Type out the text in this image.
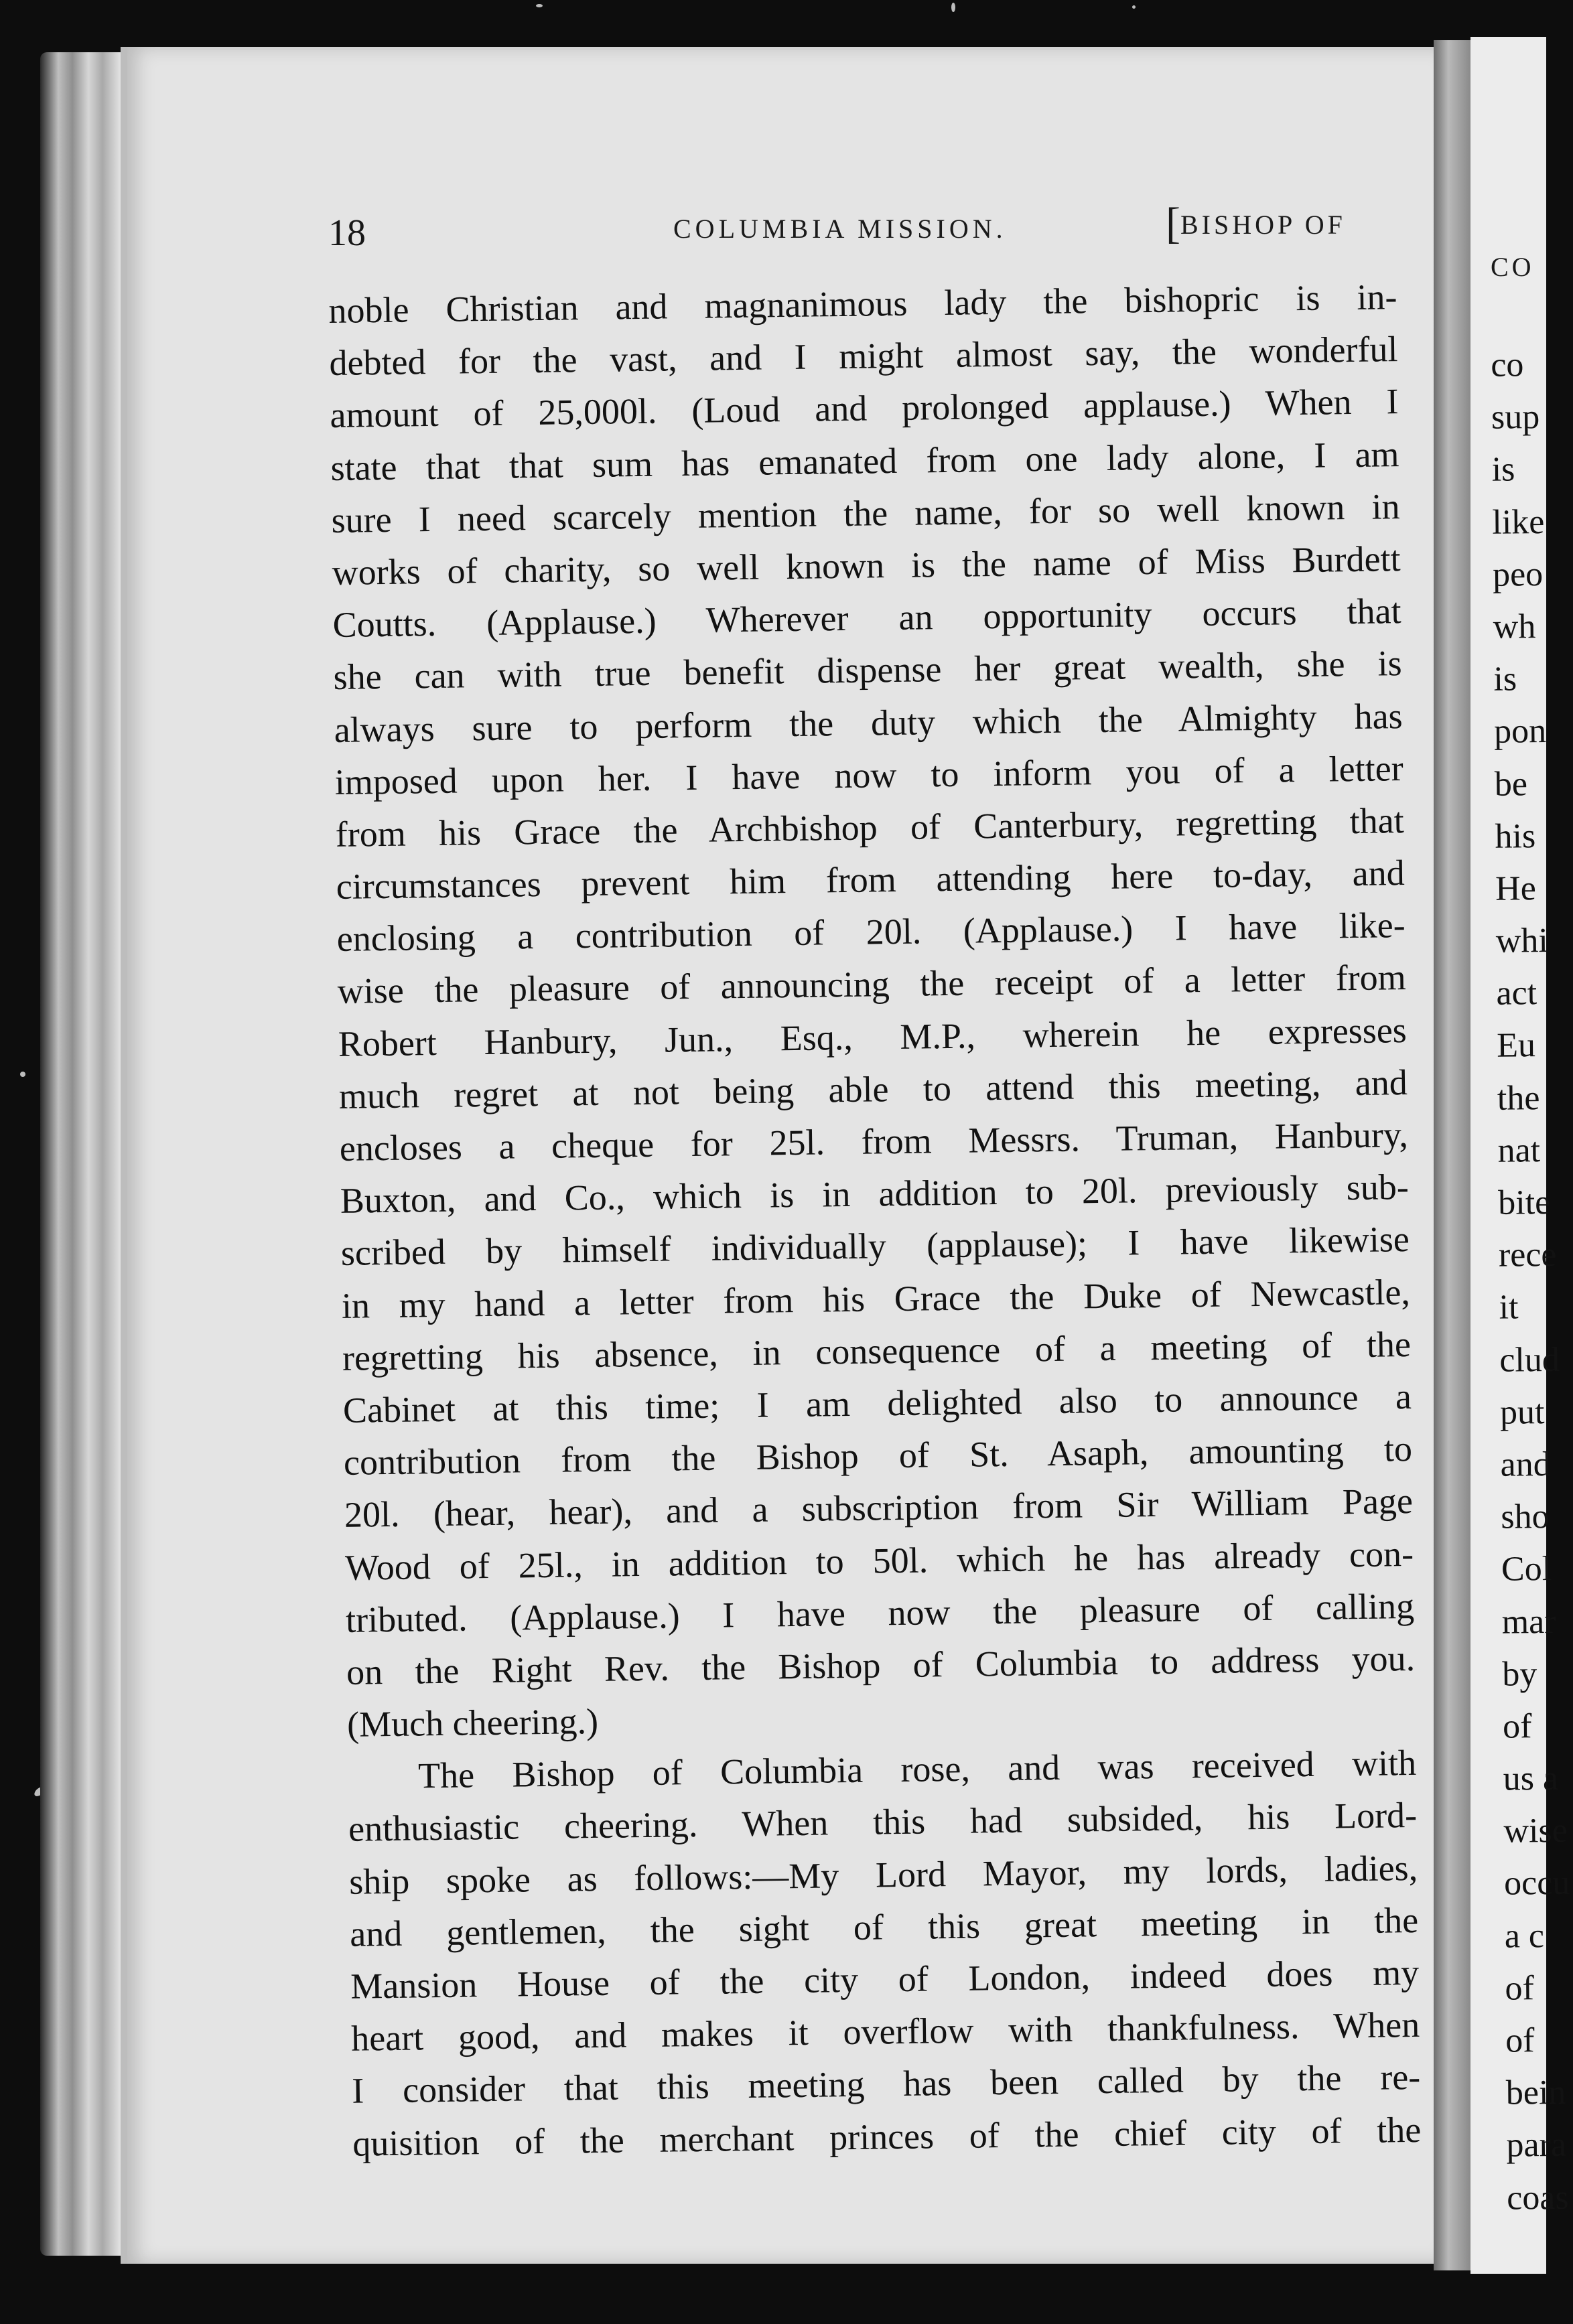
CO
co
sup
is
like
peo
wh
is
pon
be
his
He
whi
act
Eu
the
nat
bite
rece
it
clud
put
and
sho
Col
mar
by
of
us a
wise
occu
a c
of
of
bein
para
coas
18	COLUMBIA MISSION.	[BISHOP OF
noble Christian and magnanimous lady the bishopric is in-
debted for the vast, and I might almost say, the wonderful
amount of 25,000l. (Loud and prolonged applause.) When I
state that that sum has emanated from one lady alone, I am
sure I need scarcely mention the name, for so well known in
works of charity, so well known is the name of Miss Burdett
Coutts. (Applause.) Wherever an opportunity occurs that
she can with true benefit dispense her great wealth, she is
always sure to perform the duty which the Almighty has
imposed upon her. I have now to inform you of a letter
from his Grace the Archbishop of Canterbury, regretting that
circumstances prevent him from attending here to-day, and
enclosing a contribution of 20l. (Applause.) I have like-
wise the pleasure of announcing the receipt of a letter from
Robert Hanbury, Jun., Esq., M.P., wherein he expresses
much regret at not being able to attend this meeting, and
encloses a cheque for 25l. from Messrs. Truman, Hanbury,
Buxton, and Co., which is in addition to 20l. previously sub-
scribed by himself individually (applause); I have likewise
in my hand a letter from his Grace the Duke of Newcastle,
regretting his absence, in consequence of a meeting of the
Cabinet at this time; I am delighted also to announce a
contribution from the Bishop of St. Asaph, amounting to
20l. (hear, hear), and a subscription from Sir William Page
Wood of 25l., in addition to 50l. which he has already con-
tributed. (Applause.) I have now the pleasure of calling
on the Right Rev. the Bishop of Columbia to address you.
(Much cheering.)
The Bishop of Columbia rose, and was received with
enthusiastic cheering. When this had subsided, his Lord-
ship spoke as follows:—My Lord Mayor, my lords, ladies,
and gentlemen, the sight of this great meeting in the
Mansion House of the city of London, indeed does my
heart good, and makes it overflow with thankfulness. When
I consider that this meeting has been called by the re-
quisition of the merchant princes of the chief city of the
